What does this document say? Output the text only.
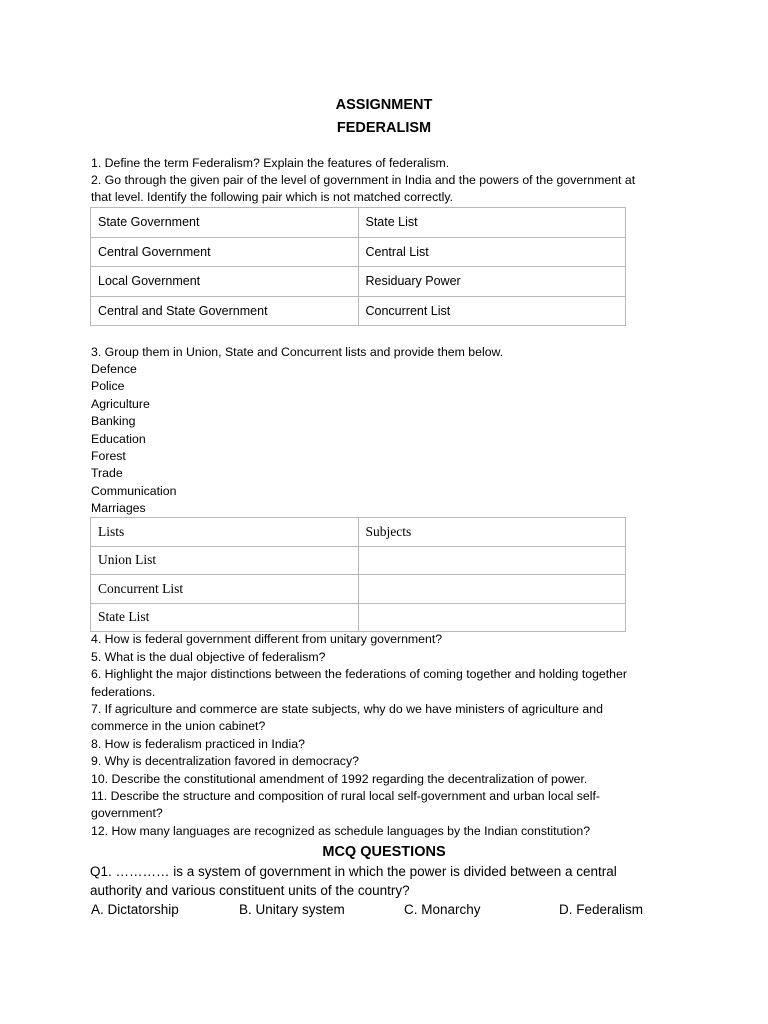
ASSIGNMENT
FEDERALISM
1. Define the term Federalism? Explain the features of federalism.
2. Go through the given pair of the level of government in India and the powers of the government at
that level. Identify the following pair which is not matched correctly.
State Government	State List
Central Government	Central List
Local Government	Residuary Power
Central and State Government	Concurrent List
3. Group them in Union, State and Concurrent lists and provide them below.
Defence
Police
Agriculture
Banking
Education
Forest
Trade
Communication
Marriages
Lists	Subjects
Union List	
Concurrent List	
State List	
4. How is federal government different from unitary government?
5. What is the dual objective of federalism?
6. Highlight the major distinctions between the federations of coming together and holding together
federations.
7. If agriculture and commerce are state subjects, why do we have ministers of agriculture and
commerce in the union cabinet?
8. How is federalism practiced in India?
9. Why is decentralization favored in democracy?
10. Describe the constitutional amendment of 1992 regarding the decentralization of power.
11. Describe the structure and composition of rural local self-government and urban local self-
government?
12. How many languages are recognized as schedule languages by the Indian constitution?
MCQ QUESTIONS
Q1. ………… is a system of government in which the power is divided between a central
authority and various constituent units of the country?
A. Dictatorship	B. Unitary system	C. Monarchy	D. Federalism
